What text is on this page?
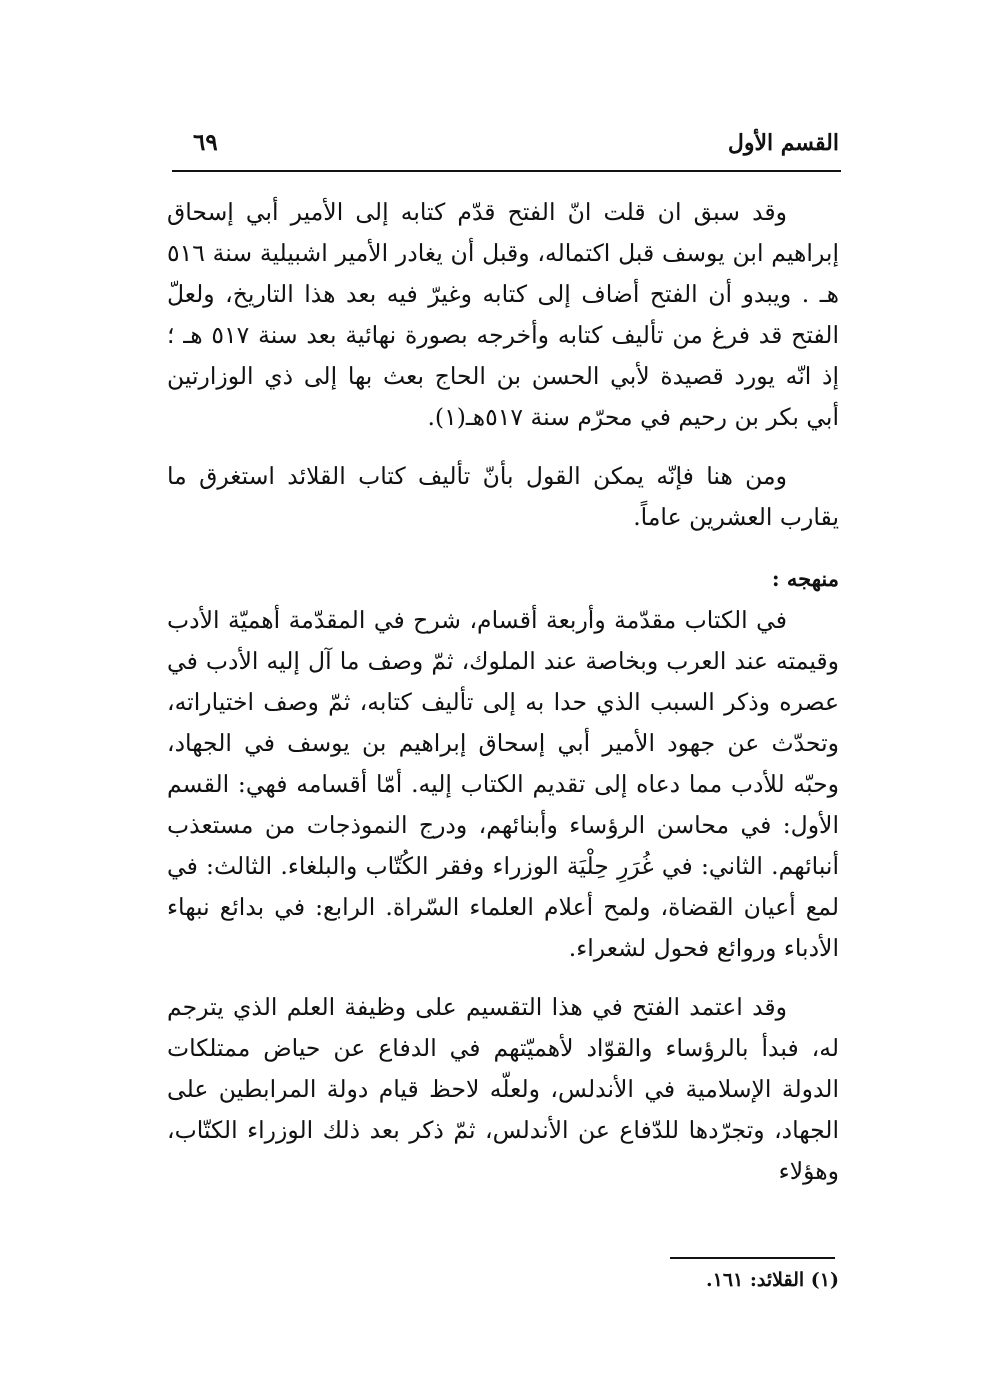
القسم الأول
٦٩

وقد سبق ان قلت انّ الفتح قدّم كتابه إلى الأمير أبي إسحاق إبراهيم ابن يوسف قبل اكتماله، وقبل أن يغادر الأمير اشبيلية سنة ٥١٦ هـ . ويبدو أن الفتح أضاف إلى كتابه وغيرّ فيه بعد هذا التاريخ، ولعلّ الفتح قد فرغ من تأليف كتابه وأخرجه بصورة نهائية بعد سنة ٥١٧ هـ ؛ إذ انّه يورد قصيدة لأبي الحسن بن الحاج بعث بها إلى ذي الوزارتين أبي بكر بن رحيم في محرّم سنة ٥١٧هـ(١).

ومن هنا فإنّه يمكن القول بأنّ تأليف كتاب القلائد استغرق ما يقارب العشرين عاماً.

منهجه :

في الكتاب مقدّمة وأربعة أقسام، شرح في المقدّمة أهميّة الأدب وقيمته عند العرب وبخاصة عند الملوك، ثمّ وصف ما آل إليه الأدب في عصره وذكر السبب الذي حدا به إلى تأليف كتابه، ثمّ وصف اختياراته، وتحدّث عن جهود الأمير أبي إسحاق إبراهيم بن يوسف في الجهاد، وحبّه للأدب مما دعاه إلى تقديم الكتاب إليه. أمّا أقسامه فهي: القسم الأول: في محاسن الرؤساء وأبنائهم، ودرج النموذجات من مستعذب أنبائهم. الثاني: في غُرَرِ حِلْيَة الوزراء وفقر الكُتّاب والبلغاء. الثالث: في لمع أعيان القضاة، ولمح أعلام العلماء السّراة. الرابع: في بدائع نبهاء الأدباء وروائع فحول لشعراء.

وقد اعتمد الفتح في هذا التقسيم على وظيفة العلم الذي يترجم له، فبدأ بالرؤساء والقوّاد لأهميّتهم في الدفاع عن حياض ممتلكات الدولة الإسلامية في الأندلس، ولعلّه لاحظ قيام دولة المرابطين على الجهاد، وتجرّدها للدّفاع عن الأندلس، ثمّ ذكر بعد ذلك الوزراء الكتّاب، وهؤلاء

(١) القلائد: ١٦١.
